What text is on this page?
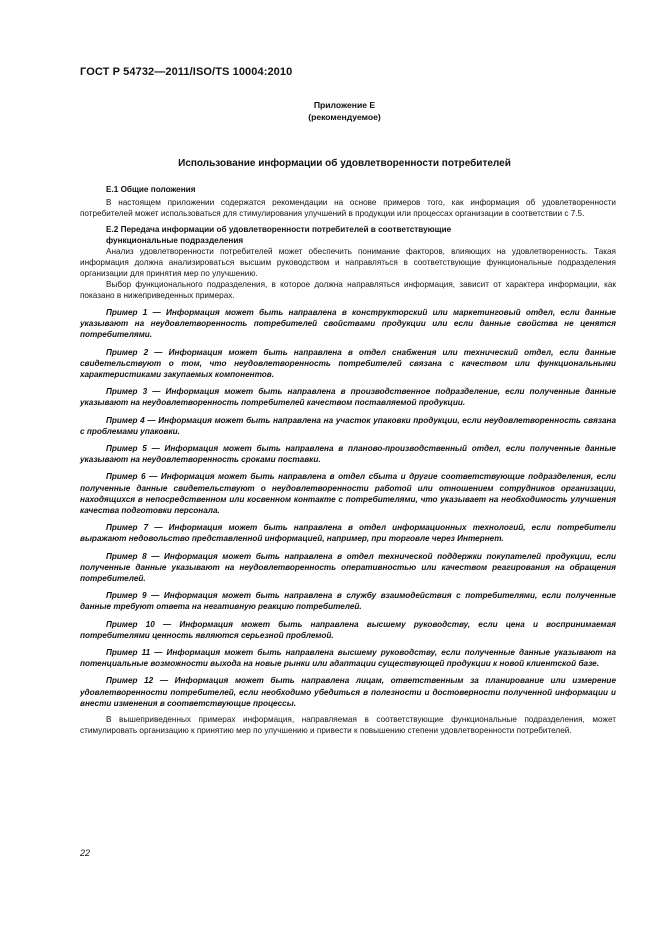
ГОСТ Р 54732—2011/ISO/TS 10004:2010
Приложение Е
(рекомендуемое)
Использование информации об удовлетворенности потребителей

Е.1 Общие положения

В настоящем приложении содержатся рекомендации на основе примеров того, как информация об удовлетворенности потребителей может использоваться для стимулирования улучшений в продукции или процессах организации в соответствии с 7.5.

Е.2 Передача информации об удовлетворенности потребителей в соответствующие

функциональные подразделения

Анализ удовлетворенности потребителей может обеспечить понимание факторов, влияющих на удовлетворенность. Такая информация должна анализироваться высшим руководством и направляться в соответствующие функциональные подразделения организации для принятия мер по улучшению.

Выбор функционального подразделения, в которое должна направляться информация, зависит от характера информации, как показано в нижеприведенных примерах.

Пример 1 — Информация может быть направлена в конструкторский или маркетинговый отдел, если данные указывают на неудовлетворенность потребителей свойствами продукции или если данные свойства не ценятся потребителями.

Пример 2 — Информация может быть направлена в отдел снабжения или технический отдел, если данные свидетельствуют о том, что неудовлетворенность потребителей связана с качеством или функциональными характеристиками закупаемых компонентов.

Пример 3 — Информация может быть направлена в производственное подразделение, если полученные данные указывают на неудовлетворенность потребителей качеством поставляемой продукции.

Пример 4 — Информация может быть направлена на участок упаковки продукции, если неудовлетворенность связана с проблемами упаковки.

Пример 5 — Информация может быть направлена в планово-производственный отдел, если полученные данные указывают на неудовлетворенность сроками поставки.

Пример 6 — Информация может быть направлена в отдел сбыта и другие соответствующие подразделения, если полученные данные свидетельствуют о неудовлетворенности работой или отношением сотрудников организации, находящихся в непосредственном или косвенном контакте с потребителями, что указывает на необходимость улучшения качества подготовки персонала.

Пример 7 — Информация может быть направлена в отдел информационных технологий, если потребители выражают недовольство представленной информацией, например, при торговле через Интернет.

Пример 8 — Информация может быть направлена в отдел технической поддержки покупателей продукции, если полученные данные указывают на неудовлетворенность оперативностью или качеством реагирования на обращения потребителей.

Пример 9 — Информация может быть направлена в службу взаимодействия с потребителями, если полученные данные требуют ответа на негативную реакцию потребителей.

Пример 10 — Информация может быть направлена высшему руководству, если цена и воспринимаемая потребителями ценность являются серьезной проблемой.

Пример 11 — Информация может быть направлена высшему руководству, если полученные данные указывают на потенциальные возможности выхода на новые рынки или адаптации существующей продукции к новой клиентской базе.

Пример 12 — Информация может быть направлена лицам, ответственным за планирование или измерение удовлетворенности потребителей, если необходимо убедиться в полезности и достоверности полученной информации и внести изменения в соответствующие процессы.

В вышеприведенных примерах информация, направляемая в соответствующие функциональные подразделения, может стимулировать организацию к принятию мер по улучшению и привести к повышению степени удовлетворенности потребителей.

22
